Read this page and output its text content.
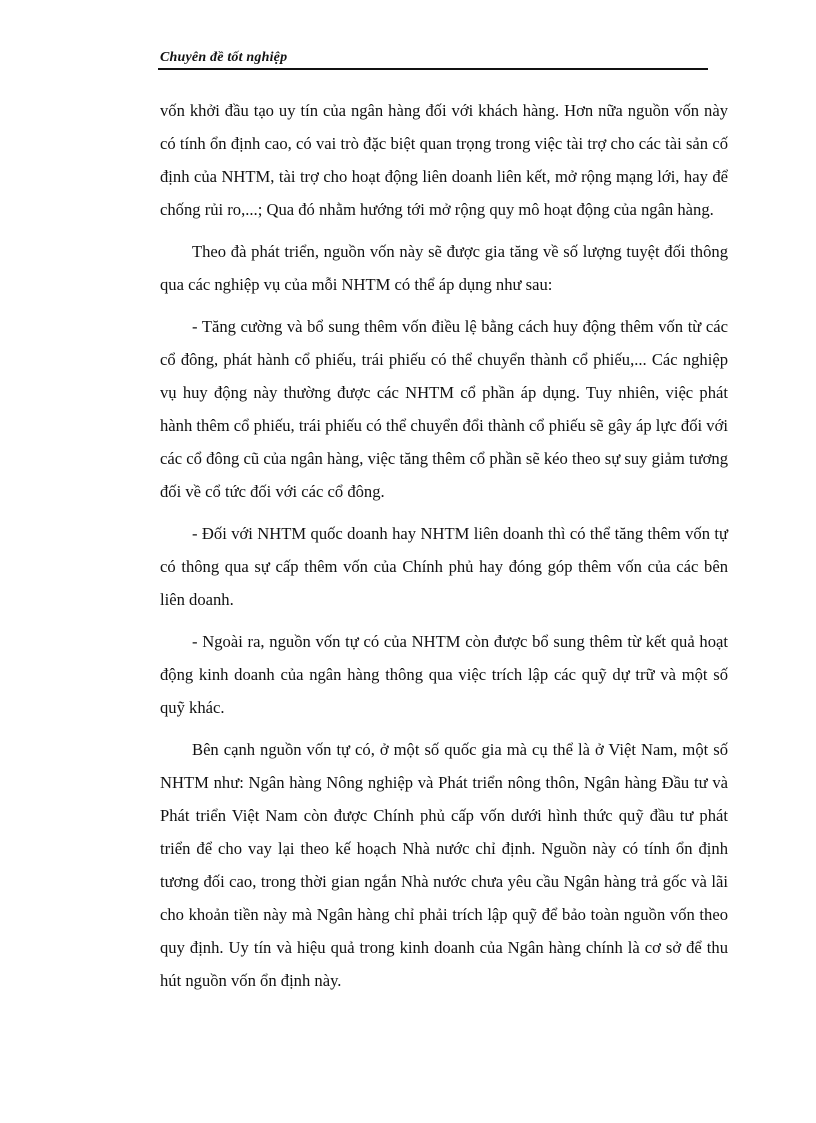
Chuyên đề tốt nghiệp

vốn khởi đầu tạo uy tín của ngân hàng đối với khách hàng. Hơn nữa nguồn vốn này có tính ổn định cao, có vai trò đặc biệt quan trọng trong việc tài trợ cho các tài sản cố định của NHTM, tài trợ cho hoạt động liên doanh liên kết, mở rộng mạng lới, hay để chống rủi ro,...; Qua đó nhằm hướng tới mở rộng quy mô hoạt động của ngân hàng.

Theo đà phát triển, nguồn vốn này sẽ được gia tăng về số lượng tuyệt đối thông qua các nghiệp vụ của mỗi NHTM có thể áp dụng như sau:

- Tăng cường và bổ sung thêm vốn điều lệ bằng cách huy động thêm vốn từ các cổ đông, phát hành cổ phiếu, trái phiếu có thể chuyển thành cổ phiếu,... Các nghiệp vụ huy động này thường được các NHTM cổ phần áp dụng. Tuy nhiên, việc phát hành thêm cổ phiếu, trái phiếu có thể chuyển đổi thành cổ phiếu sẽ gây áp lực đối với các cổ đông cũ của ngân hàng, việc tăng thêm cổ phần sẽ kéo theo sự suy giảm tương đối về cổ tức đối với các cổ đông.

- Đối với NHTM quốc doanh hay NHTM liên doanh thì có thể tăng thêm vốn tự có thông qua sự cấp thêm vốn của Chính phủ hay đóng góp thêm vốn của các bên liên doanh.

- Ngoài ra, nguồn vốn tự có của NHTM còn được bổ sung thêm từ kết quả hoạt động kinh doanh của ngân hàng thông qua việc trích lập các quỹ dự trữ và một số quỹ khác.

Bên cạnh nguồn vốn tự có, ở một số quốc gia mà cụ thể là ở Việt Nam, một số NHTM như: Ngân hàng Nông nghiệp và Phát triển nông thôn, Ngân hàng Đầu tư và Phát triển Việt Nam còn được Chính phủ cấp vốn dưới hình thức quỹ đầu tư phát triển để cho vay lại theo kế hoạch Nhà nước chỉ định. Nguồn này có tính ổn định tương đối cao, trong thời gian ngắn Nhà nước chưa yêu cầu Ngân hàng trả gốc và lãi cho khoản tiền này mà Ngân hàng chỉ phải trích lập quỹ để bảo toàn nguồn vốn theo quy định. Uy tín và hiệu quả trong kinh doanh của Ngân hàng chính là cơ sở để thu hút nguồn vốn ổn định này.
